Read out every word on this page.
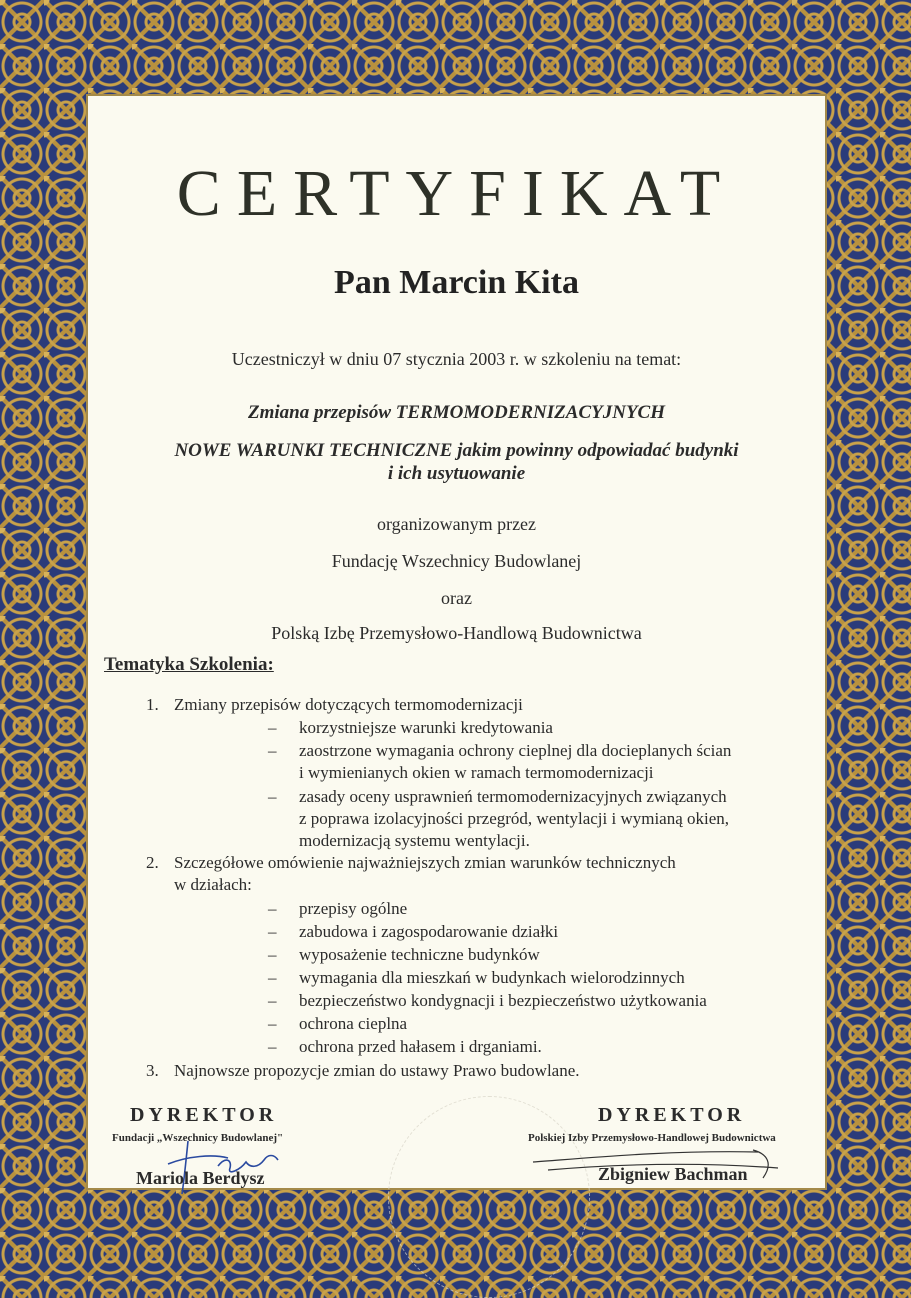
CERTYFIKAT
Pan Marcin Kita
Uczestniczył w dniu 07 stycznia 2003 r. w szkoleniu na temat:
Zmiana przepisów TERMOMODERNIZACYJNYCH
NOWE WARUNKI TECHNICZNE jakim powinny odpowiadać budynki
i ich usytuowanie
organizowanym przez
Fundację Wszechnicy Budowlanej
oraz
Polską Izbę Przemysłowo-Handlową Budownictwa
Tematyka Szkolenia:
1. Zmiany przepisów dotyczących termomodernizacji
– korzystniejsze warunki kredytowania
– zaostrzone wymagania ochrony cieplnej dla docieplanych ścian
i wymienianych okien w ramach termomodernizacji
– zasady oceny usprawnień termomodernizacyjnych związanych
z poprawa izolacyjności przegród, wentylacji i wymianą okien,
modernizacją systemu wentylacji.
2. Szczegółowe omówienie najważniejszych zmian warunków technicznych
w działach:
– przepisy ogólne
– zabudowa i zagospodarowanie działki
– wyposażenie techniczne budynków
– wymagania dla mieszkań w budynkach wielorodzinnych
– bezpieczeństwo kondygnacji i bezpieczeństwo użytkowania
– ochrona cieplna
– ochrona przed hałasem i drganiami.
3. Najnowsze propozycje zmian do ustawy Prawo budowlane.
DYREKTOR
Fundacji „Wszechnicy Budowlanej"
Mariola Berdysz
DYREKTOR
Polskiej Izby Przemysłowo-Handlowej Budownictwa
Zbigniew Bachman
